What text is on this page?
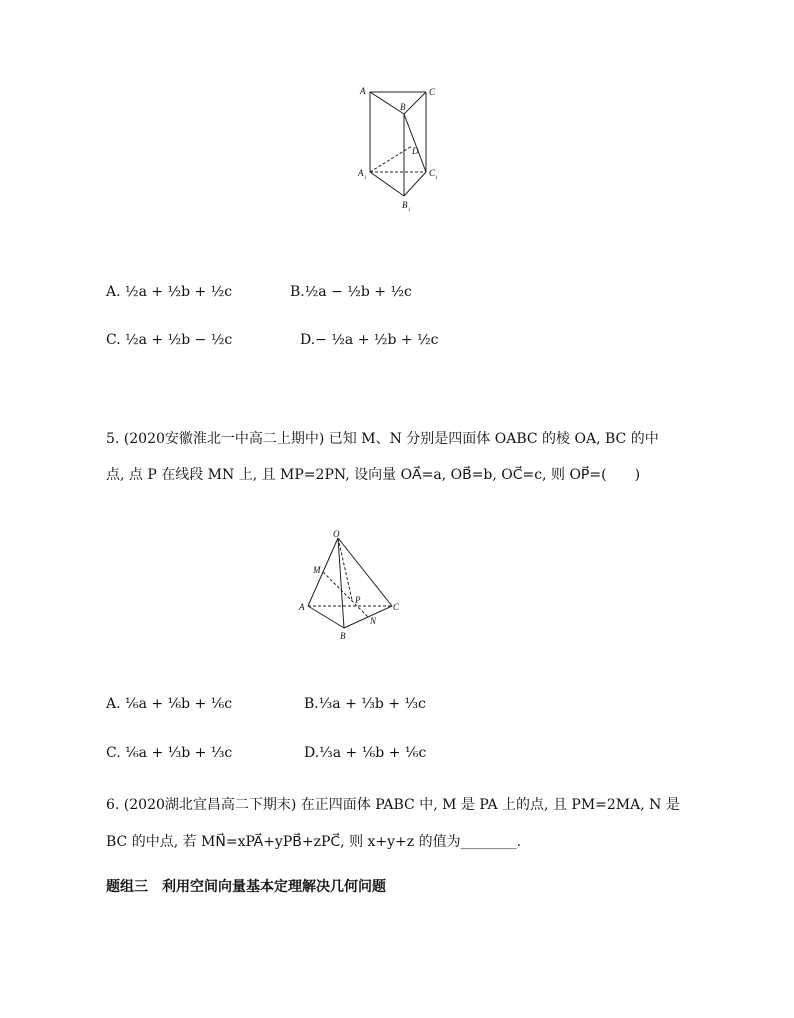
A
B
C
D
A
1
B
1
C
1
A. ½a + ½b + ½c	B.½a − ½b + ½c
C. ½a + ½b − ½c	D.− ½a + ½b + ½c
5. (2020安徽淮北一中高二上期中) 已知 M、N 分别是四面体 OABC 的棱 OA, BC 的中
点, 点 P 在线段 MN 上, 且 MP=2PN, 设向量 OA⃗=a, OB⃗=b, OC⃗=c, 则 OP⃗=(　　)
O
M
A
P
C
N
B
A. ⅙a + ⅙b + ⅙c	B.⅓a + ⅓b + ⅓c
C. ⅙a + ⅓b + ⅓c	D.⅓a + ⅙b + ⅙c
6. (2020湖北宜昌高二下期末) 在正四面体 PABC 中, M 是 PA 上的点, 且 PM=2MA, N 是
BC 的中点, 若 MN⃗=xPA⃗+yPB⃗+zPC⃗, 则 x+y+z 的值为________.
题组三　利用空间向量基本定理解决几何问题
